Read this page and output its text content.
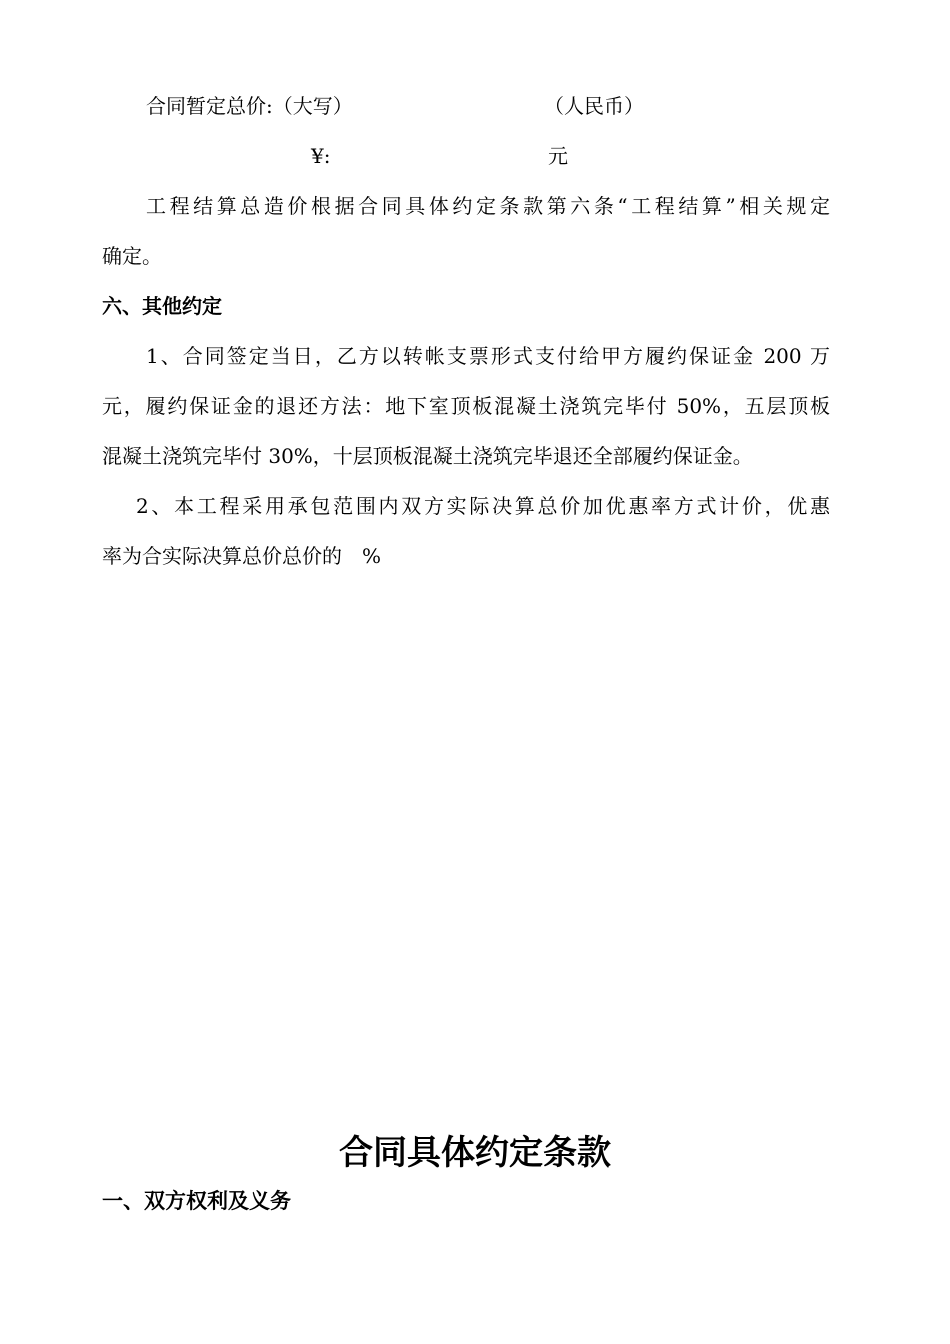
合同暂定总价:（大写）	（人民币）
¥:	元
工程结算总造价根据合同具体约定条款第六条“工程结算”相关规定
确定。
六、其他约定
1、合同签定当日，乙方以转帐支票形式支付给甲方履约保证金 200 万
元，履约保证金的退还方法：地下室顶板混凝土浇筑完毕付 50%，五层顶板
混凝土浇筑完毕付 30%，十层顶板混凝土浇筑完毕退还全部履约保证金。
2、本工程采用承包范围内双方实际决算总价加优惠率方式计价，优惠
率为合实际决算总价总价的　%
合同具体约定条款
一、双方权利及义务
